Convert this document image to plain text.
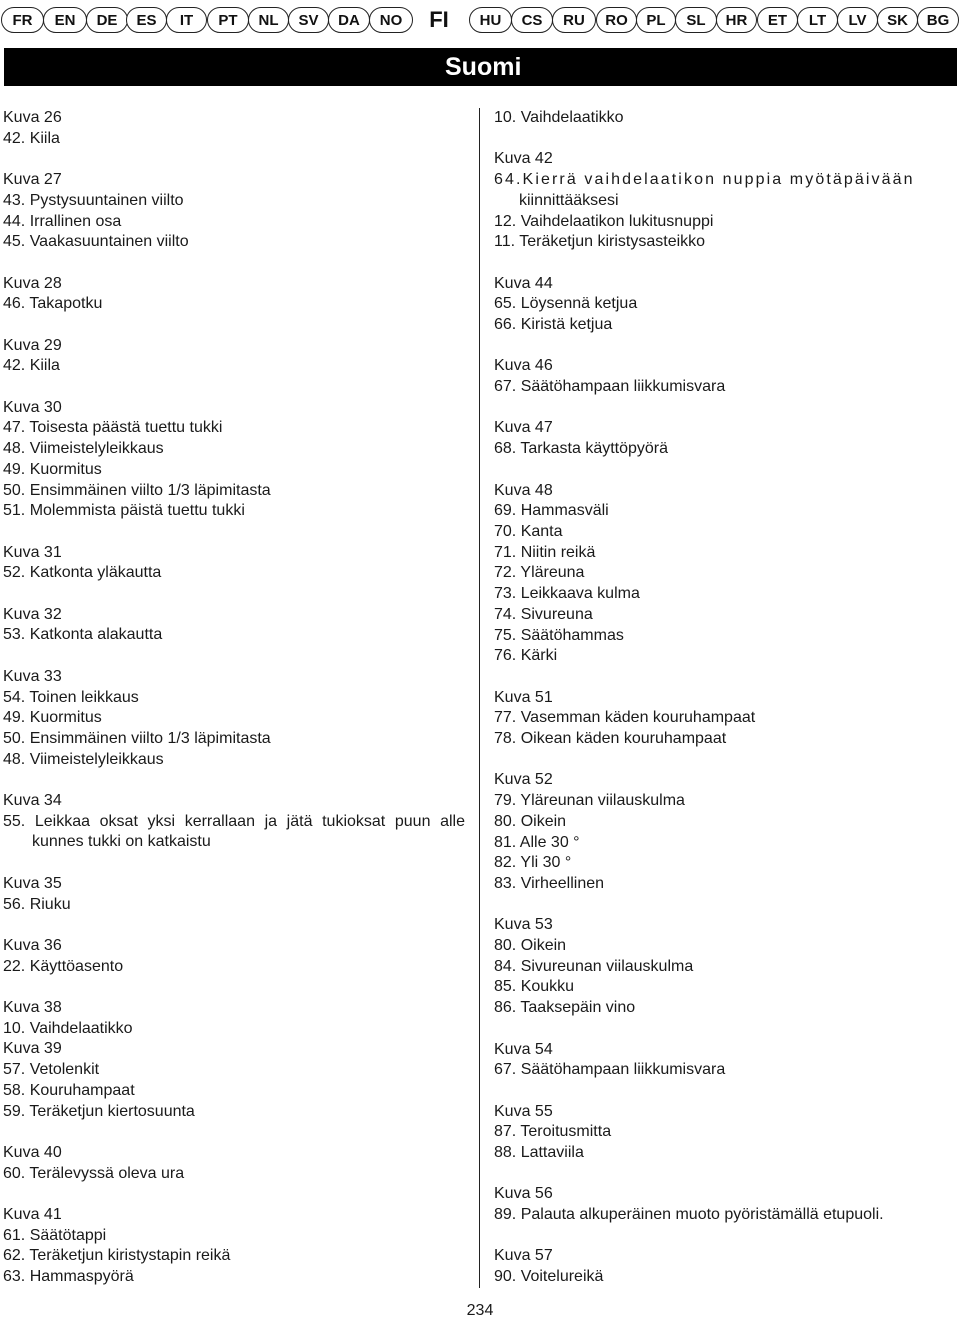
FR	EN	DE	ES	IT	PT	NL	SV	DA	NO	FI	HU	CS	RU	RO	PL	SL	HR	ET	LT	LV	SK	BG
Suomi
Kuva 26
42. Kiila
Kuva 27
43. Pystysuuntainen viilto
44. Irrallinen osa
45. Vaakasuuntainen viilto
Kuva 28
46. Takapotku
Kuva 29
42. Kiila
Kuva 30
47. Toisesta päästä tuettu tukki
48. Viimeistelyleikkaus
49. Kuormitus
50. Ensimmäinen viilto 1/3 läpimitasta
51. Molemmista päistä tuettu tukki
Kuva 31
52. Katkonta yläkautta
Kuva 32
53. Katkonta alakautta
Kuva 33
54. Toinen leikkaus
49. Kuormitus
50. Ensimmäinen viilto 1/3 läpimitasta
48. Viimeistelyleikkaus
Kuva 34
55. Leikkaa oksat yksi kerrallaan ja jätä tukioksat puun alle kunnes tukki on katkaistu
Kuva 35
56. Riuku
Kuva 36
22. Käyttöasento
Kuva 38
10. Vaihdelaatikko
Kuva 39
57. Vetolenkit
58. Kouruhampaat
59. Teräketjun kiertosuunta
Kuva 40
60. Terälevyssä oleva ura
Kuva 41
61. Säätötappi
62. Teräketjun kiristystapin reikä
63. Hammaspyörä
10. Vaihdelaatikko
Kuva 42
64.Kierrä vaihdelaatikon nuppia myötäpäivään
kiinnittääksesi
12. Vaihdelaatikon lukitusnuppi
11. Teräketjun kiristysasteikko
Kuva 44
65. Löysennä ketjua
66. Kiristä ketjua
Kuva 46
67. Säätöhampaan liikkumisvara
Kuva 47
68. Tarkasta käyttöpyörä
Kuva 48
69. Hammasväli
70. Kanta
71. Niitin reikä
72. Yläreuna
73. Leikkaava kulma
74. Sivureuna
75. Säätöhammas
76. Kärki
Kuva 51
77. Vasemman käden kouruhampaat
78. Oikean käden kouruhampaat
Kuva 52
79. Yläreunan viilauskulma
80. Oikein
81. Alle 30 °
82. Yli 30 °
83. Virheellinen
Kuva 53
80. Oikein
84. Sivureunan viilauskulma
85. Koukku
86. Taaksepäin vino
Kuva 54
67. Säätöhampaan liikkumisvara
Kuva 55
87. Teroitusmitta
88. Lattaviila
Kuva 56
89. Palauta alkuperäinen muoto pyöristämällä etupuoli.
Kuva 57
90. Voitelureikä
234
